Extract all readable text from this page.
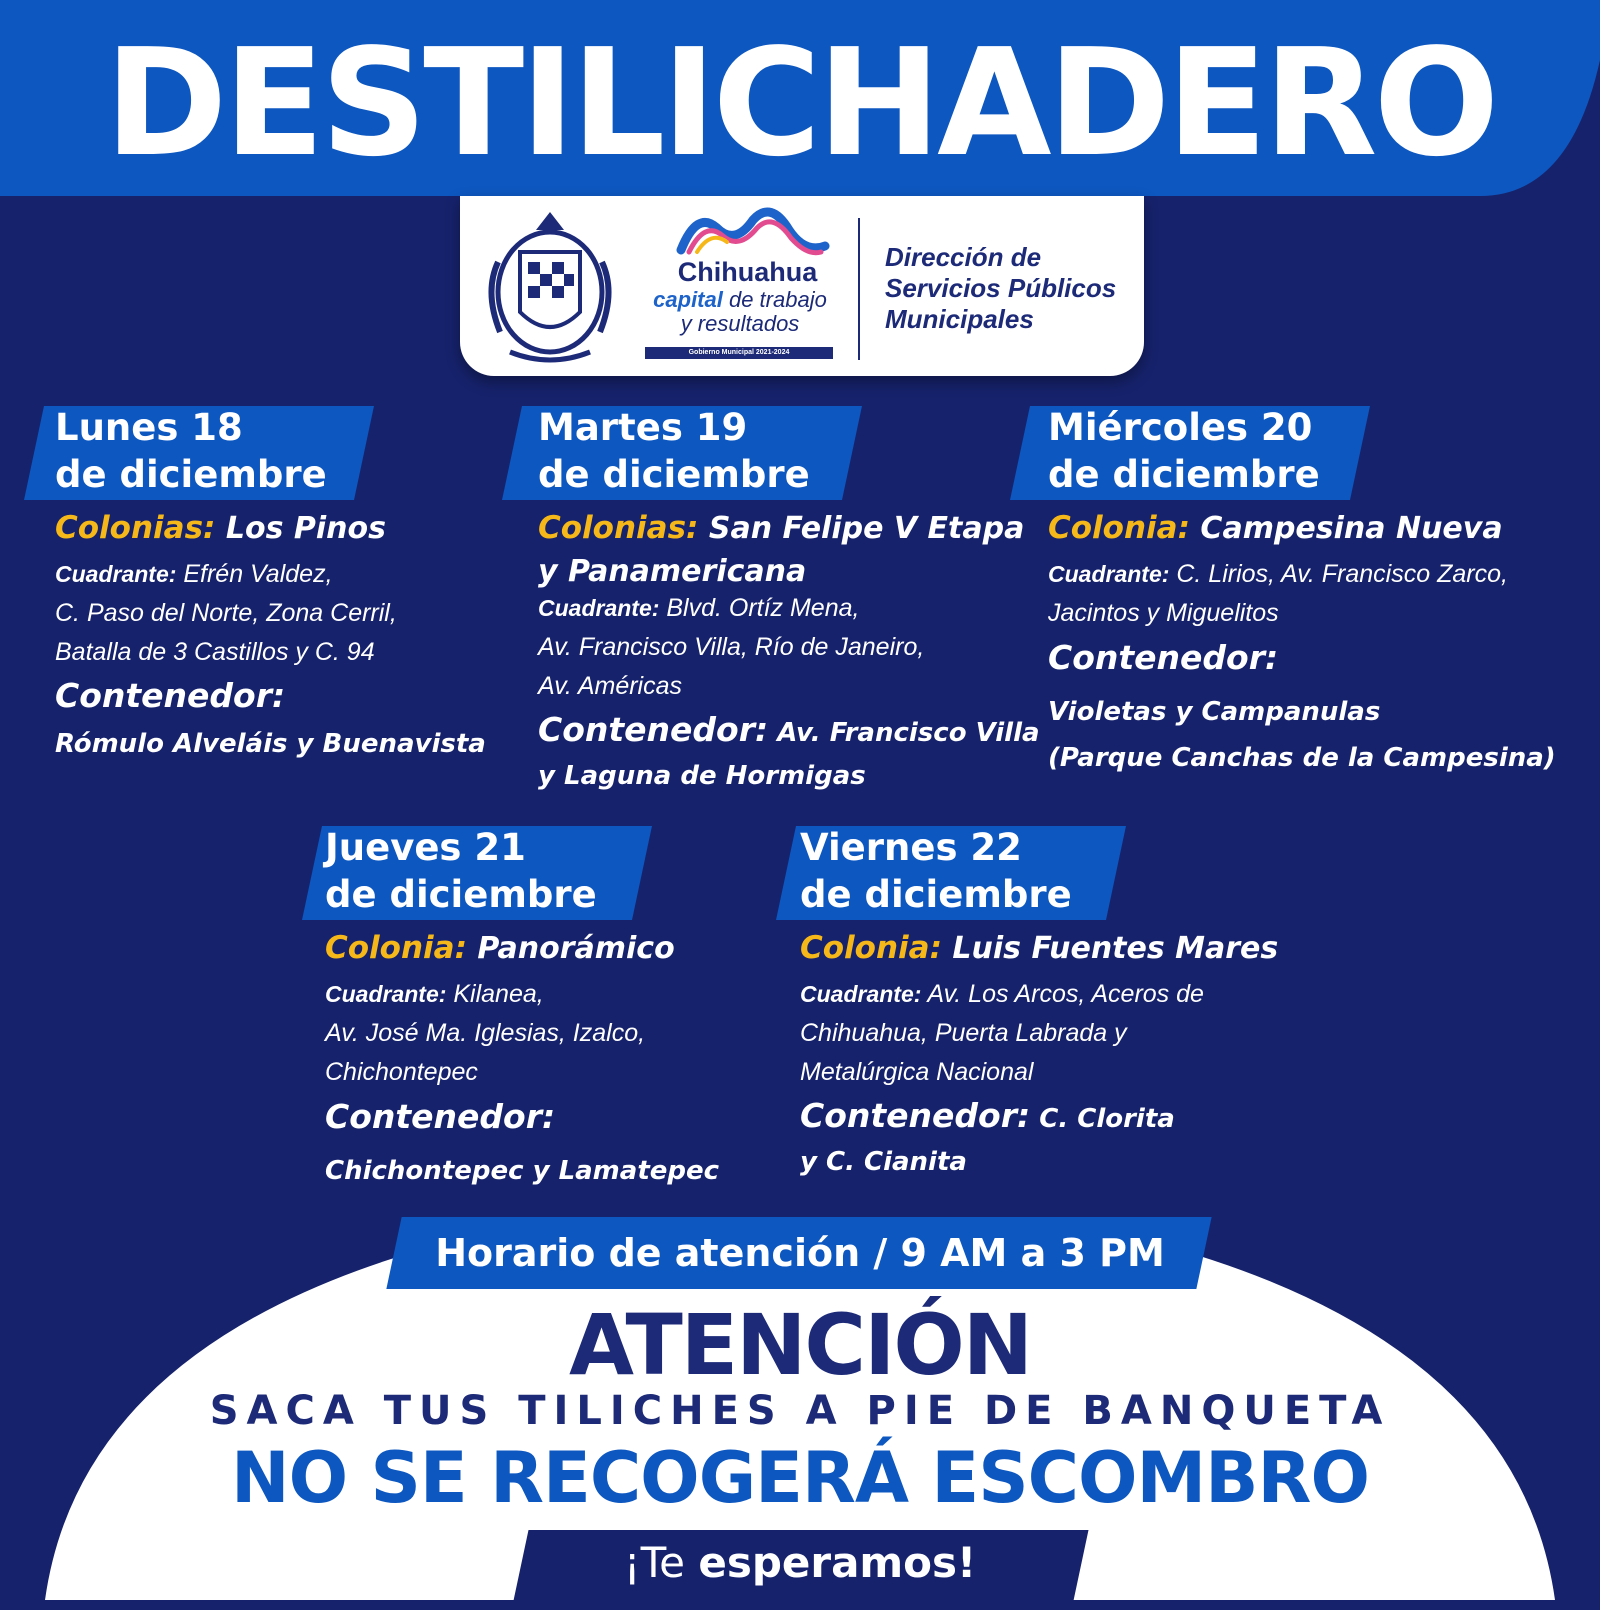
DESTILICHADERO
Chihuahua
capital de trabajo
y resultados
Gobierno Municipal 2021-2024
Dirección de
Servicios Públicos
Municipales
Lunes 18
de diciembre
Colonias: Los Pinos
Cuadrante: Efrén Valdez,
C. Paso del Norte, Zona Cerril,
Batalla de 3 Castillos y C. 94
Contenedor:
Rómulo Alveláis y Buenavista
Martes 19
de diciembre
Colonias: San Felipe V Etapa
y Panamericana
Cuadrante: Blvd. Ortíz Mena,
Av. Francisco Villa, Río de Janeiro,
Av. Américas
Contenedor: Av. Francisco Villa
y Laguna de Hormigas
Miércoles 20
de diciembre
Colonia: Campesina Nueva
Cuadrante: C. Lirios, Av. Francisco Zarco,
Jacintos y Miguelitos
Contenedor:
Violetas y Campanulas
(Parque Canchas de la Campesina)
Jueves 21
de diciembre
Colonia: Panorámico
Cuadrante: Kilanea,
Av. José Ma. Iglesias, Izalco,
Chichontepec
Contenedor:
Chichontepec y Lamatepec
Viernes 22
de diciembre
Colonia: Luis Fuentes Mares
Cuadrante: Av. Los Arcos, Aceros de
Chihuahua, Puerta Labrada y
Metalúrgica Nacional
Contenedor: C. Clorita
y C. Cianita
Horario de atención / 9 AM a 3 PM
ATENCIÓN
SACA TUS TILICHES A PIE DE BANQUETA
NO SE RECOGERÁ ESCOMBRO
¡Te esperamos!
